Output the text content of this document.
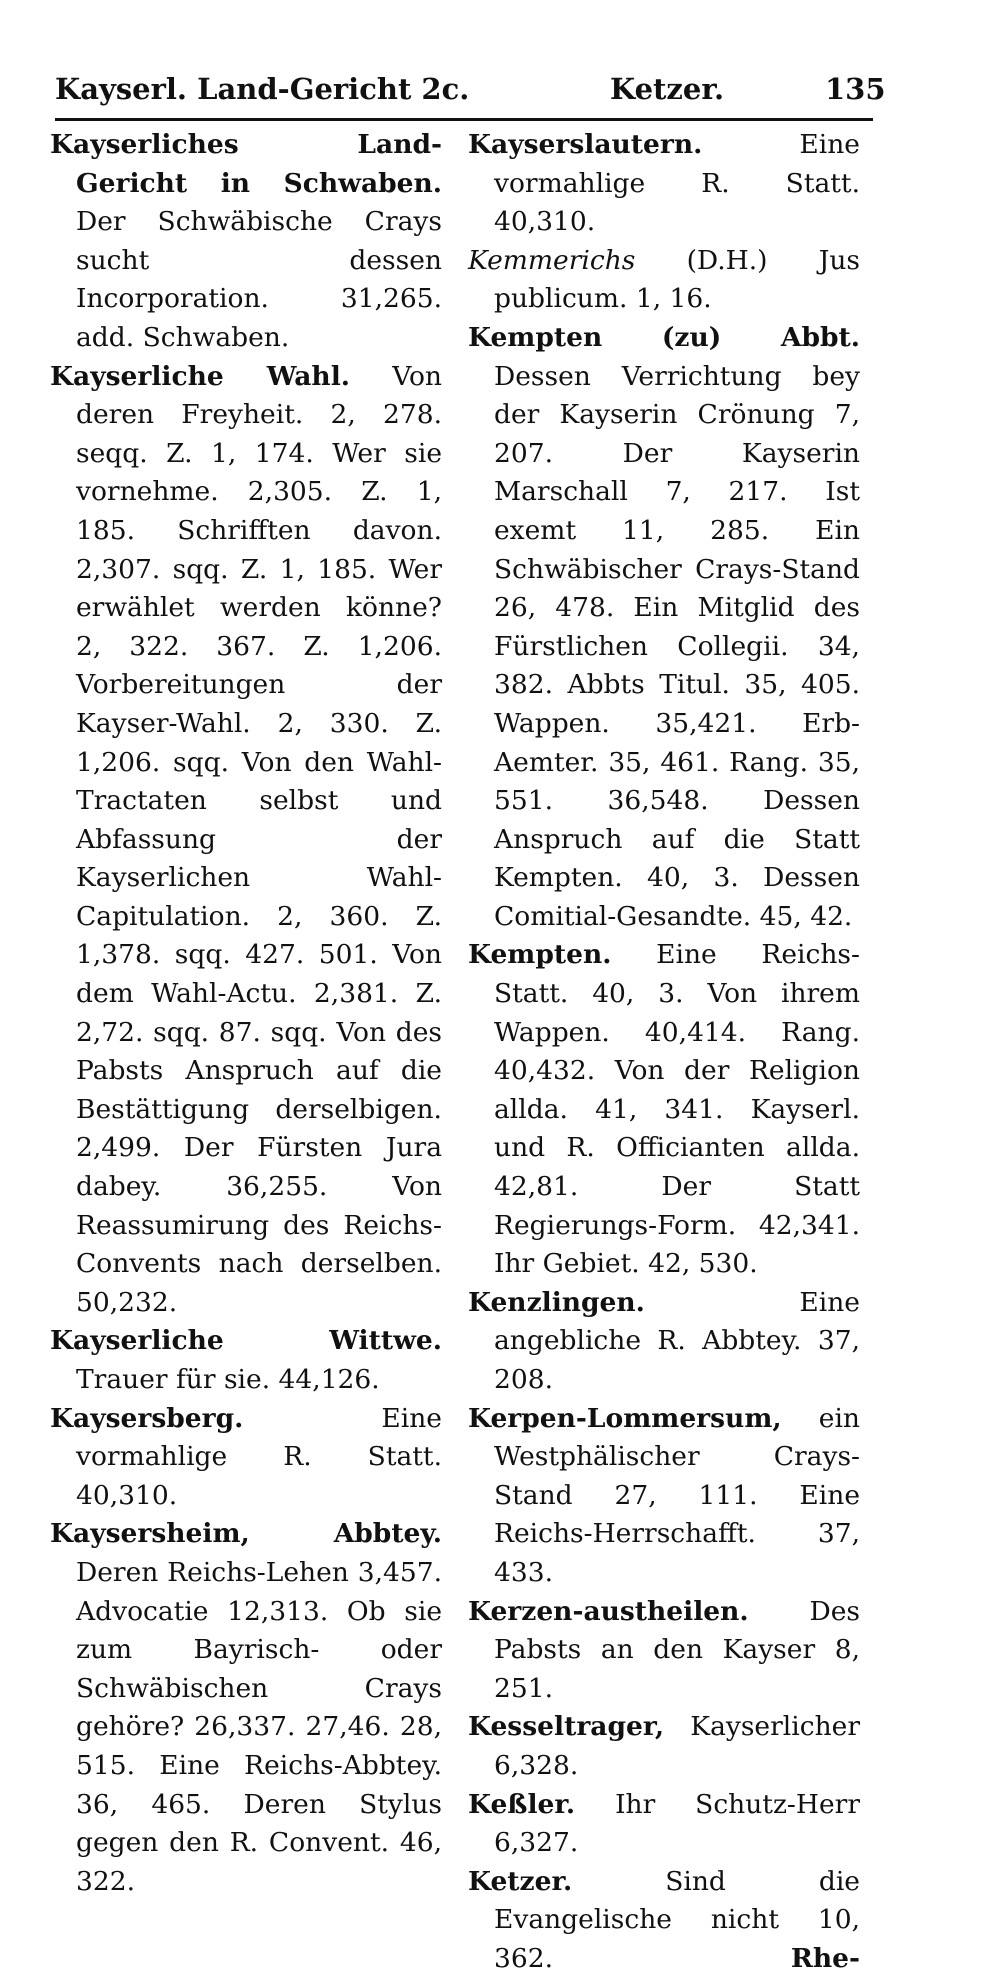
Kayserl. Land-Gericht 2c.	Ketzer.	135

Kayserliches Land-Gericht in Schwaben. Der Schwäbische Crays sucht dessen Incorporation. 31,265. add. Schwaben.

Kayserliche Wahl. Von deren Freyheit. 2, 278. seqq. Z. 1, 174. Wer sie vornehme. 2,305. Z. 1, 185. Schrifften davon. 2,307. sqq. Z. 1, 185. Wer erwählet werden könne? 2, 322. 367. Z. 1,206. Vorbereitungen der Kayser-Wahl. 2, 330. Z. 1,206. sqq. Von den Wahl-Tractaten selbst und Abfassung der Kayserlichen Wahl-Capitulation. 2, 360. Z. 1,378. sqq. 427. 501. Von dem Wahl-Actu. 2,381. Z. 2,72. sqq. 87. sqq. Von des Pabsts Anspruch auf die Bestättigung derselbigen. 2,499. Der Fürsten Jura dabey. 36,255. Von Reassumirung des Reichs-Convents nach derselben. 50,232.

Kayserliche Wittwe. Trauer für sie. 44,126.

Kaysersberg.	Eine vormahlige R. Statt. 40,310.

Kaysersheim, Abbtey. Deren Reichs-Lehen 3,457. Advocatie 12,313. Ob sie zum Bayrisch- oder Schwäbischen Crays gehöre? 26,337. 27,46. 28, 515. Eine Reichs-Abbtey. 36, 465. Deren Stylus gegen den R. Convent. 46, 322.

Kayserslautern.	Eine vormahlige R. Statt. 40,310.

Kemmerichs (D.H.) Jus publicum. 1, 16.

Kempten (zu) Abbt. Dessen Verrichtung bey der Kayserin Crönung 7, 207. Der Kayserin Marschall 7, 217. Ist exemt 11, 285. Ein Schwäbischer Crays-Stand 26, 478. Ein Mitglid des Fürstlichen Collegii. 34, 382. Abbts Titul. 35, 405. Wappen. 35,421. Erb-Aemter. 35, 461. Rang. 35, 551. 36,548. Dessen Anspruch auf die Statt Kempten. 40, 3. Dessen Comitial-Gesandte. 45, 42.

Kempten. Eine Reichs-Statt. 40, 3. Von ihrem Wappen. 40,414. Rang. 40,432. Von der Religion allda. 41, 341. Kayserl. und R. Officianten allda. 42,81. Der Statt Regierungs-Form. 42,341. Ihr Gebiet. 42, 530.

Kenzlingen.	Eine angebliche R. Abbtey. 37, 208.

Kerpen-Lommersum, ein Westphälischer Crays-Stand 27, 111. Eine Reichs-Herrschafft. 37, 433.

Kerzen-austheilen. Des Pabsts an den Kayser 8, 251.

Kesseltrager, Kayserlicher 6,328.

Keßler. Ihr Schutz-Herr 6,327.

Ketzer.	Sind die Evangelische nicht 10, 362.	Rhe-
